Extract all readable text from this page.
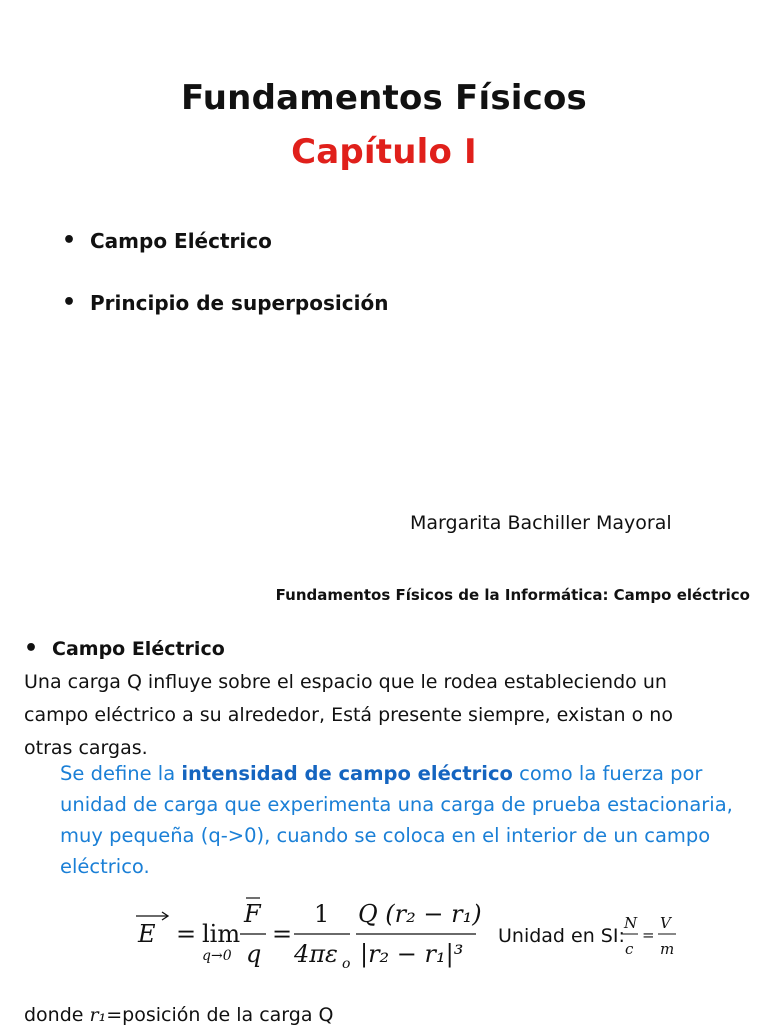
Fundamentos Físicos
Capítulo I
• Campo Eléctrico
• Principio de superposición
Margarita Bachiller Mayoral
Fundamentos Físicos de la Informática: Campo eléctrico
• Campo Eléctrico
Una carga Q influye sobre el espacio que le rodea estableciendo un campo eléctrico a su alrededor, Está presente siempre, existan o no otras cargas.
Se define la intensidad de campo eléctrico como la fuerza por unidad de carga que experimenta una carga de prueba estacionaria, muy pequeña (q->0), cuando se coloca en el interior de un campo eléctrico.
E = lim
q→0
F
q
=
1
4πε o
Q (r₂ − r₁)
|r₂ − r₁|³
Unidad en SI:
N
c
=
V
m
donde r₁=posición de la carga Q
